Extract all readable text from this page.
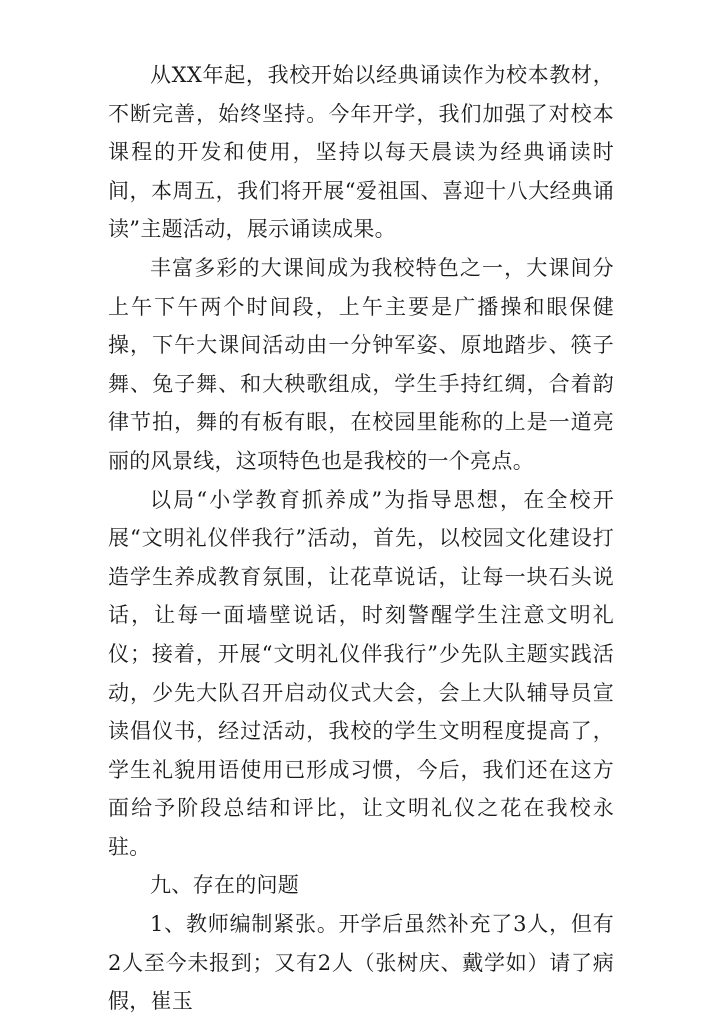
从XX年起，我校开始以经典诵读作为校本教材，不断完善，始终坚持。今年开学，我们加强了对校本课程的开发和使用，坚持以每天晨读为经典诵读时间，本周五，我们将开展“爱祖国、喜迎十八大经典诵读”主题活动，展示诵读成果。

丰富多彩的大课间成为我校特色之一，大课间分上午下午两个时间段，上午主要是广播操和眼保健操，下午大课间活动由一分钟军姿、原地踏步、筷子舞、兔子舞、和大秧歌组成，学生手持红绸，合着韵律节拍，舞的有板有眼，在校园里能称的上是一道亮丽的风景线，这项特色也是我校的一个亮点。

以局“小学教育抓养成”为指导思想，在全校开展“文明礼仪伴我行”活动，首先，以校园文化建设打造学生养成教育氛围，让花草说话，让每一块石头说话，让每一面墙壁说话，时刻警醒学生注意文明礼仪；接着，开展“文明礼仪伴我行”少先队主题实践活动，少先大队召开启动仪式大会，会上大队辅导员宣读倡仪书，经过活动，我校的学生文明程度提高了，学生礼貌用语使用已形成习惯，今后，我们还在这方面给予阶段总结和评比，让文明礼仪之花在我校永驻。

九、存在的问题

1、教师编制紧张。开学后虽然补充了3人，但有2人至今未报到；又有2人（张树庆、戴学如）请了病假，崔玉
